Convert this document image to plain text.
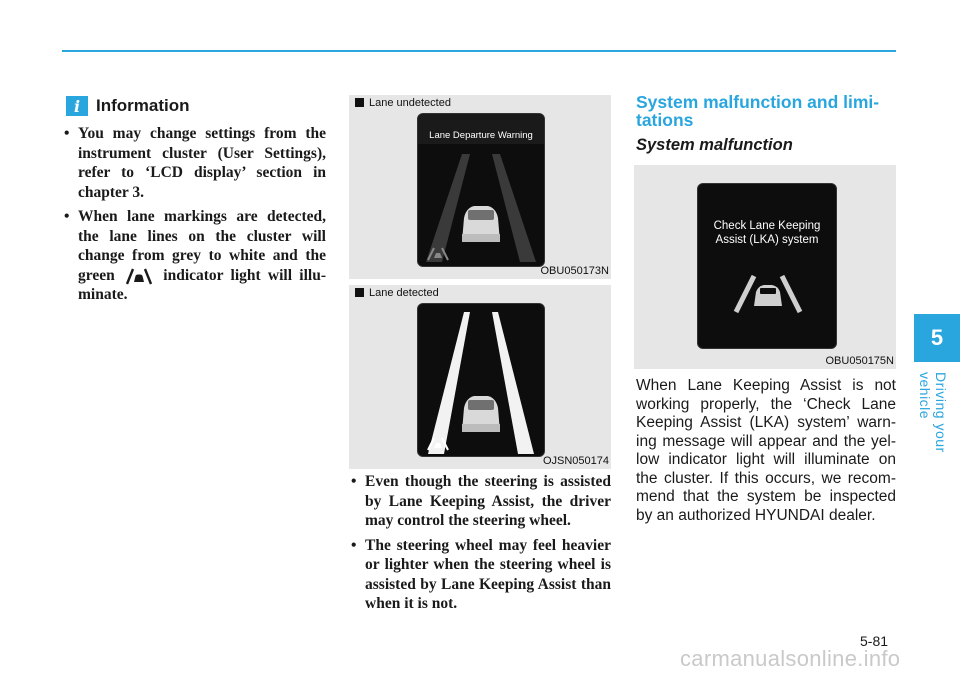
5
Driving your vehicle
i Information
• You may change settings from the instrument cluster (User Settings), refer to ‘LCD display’ section in chapter 3.
• When lane markings are detected, the lane lines on the cluster will change from grey to white and the green	indicator light will illu-minate.
Lane undetected
Lane Departure Warning
OBU050173N
Lane detected
OJSN050174
• Even though the steering is assisted by Lane Keeping Assist, the driver may control the steering wheel.
• The steering wheel may feel heavier or lighter when the steering wheel is assisted by Lane Keeping Assist than when it is not.
System malfunction and limi-tations
System malfunction
Check Lane Keeping
Assist (LKA) system
OBU050175N
When Lane Keeping Assist is not working properly, the ‘Check Lane Keeping Assist (LKA) system’ warn-ing message will appear and the yel-low indicator light will illuminate on the cluster. If this occurs, we recom-mend that the system be inspected by an authorized HYUNDAI dealer.
5-81
carmanualsonline.info
